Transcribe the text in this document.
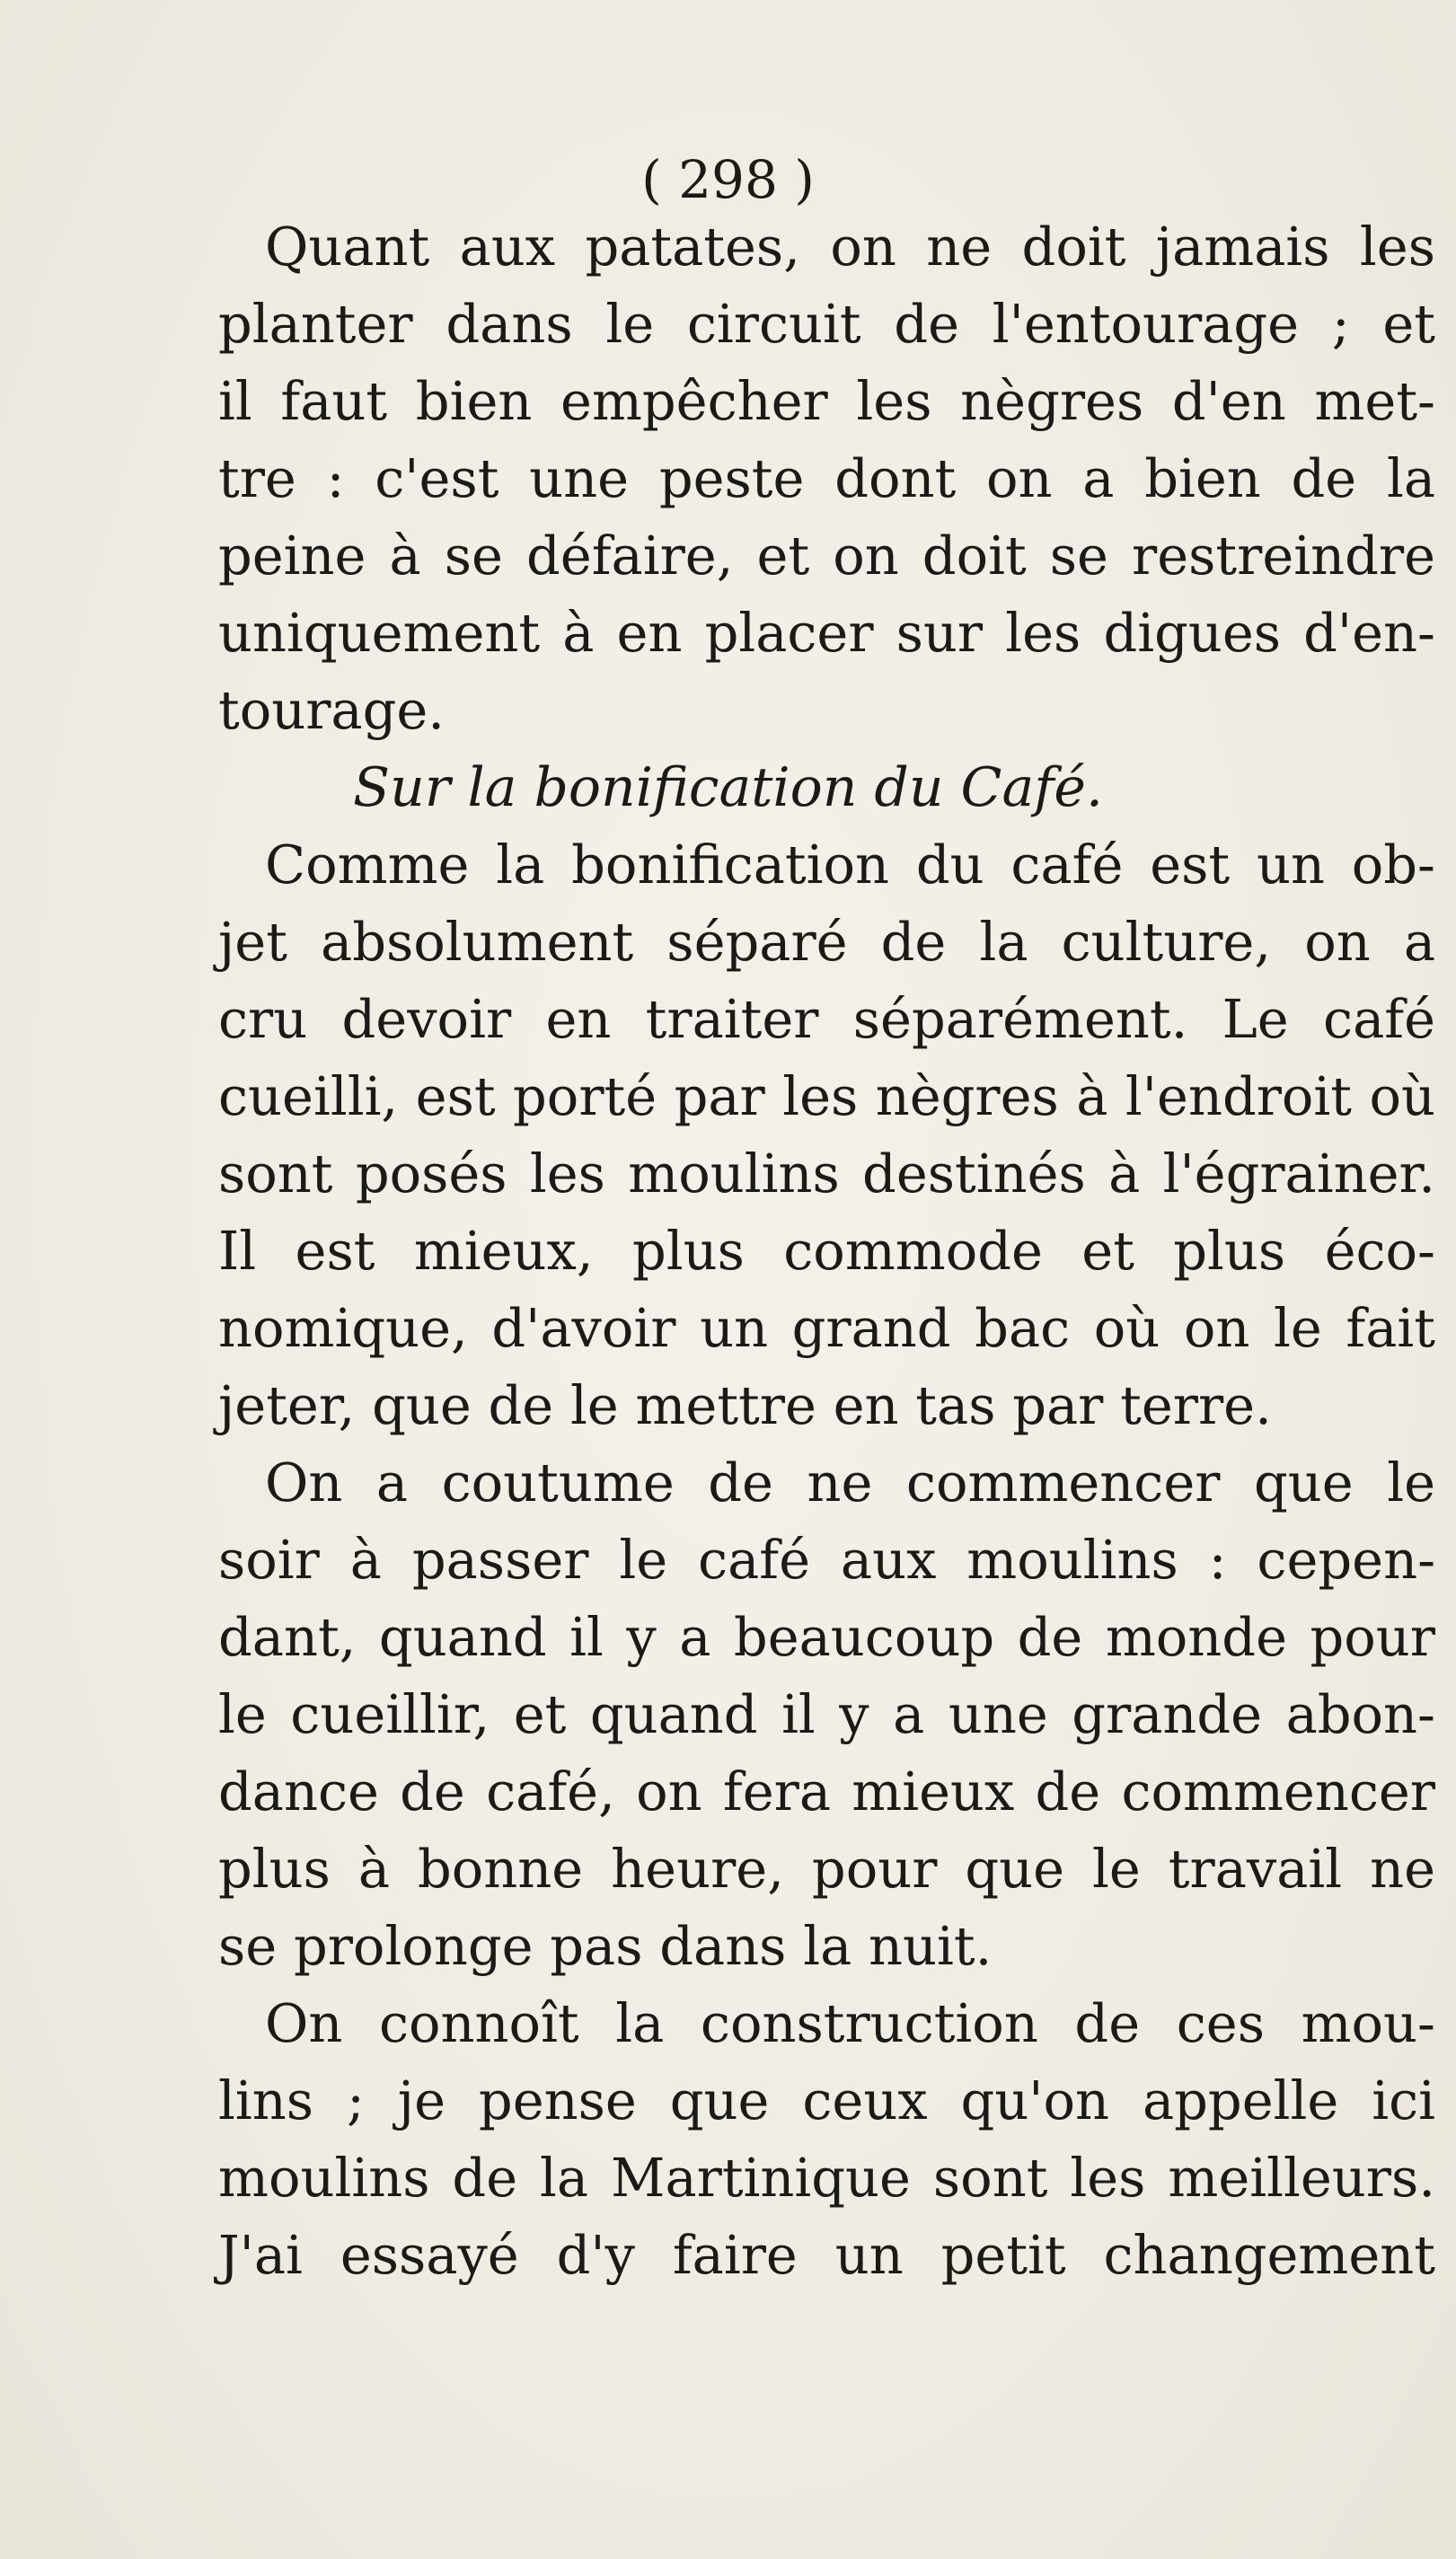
( 298 )
Quant aux patates, on ne doit jamais les
planter dans le circuit de l'entourage ; et
il faut bien empêcher les nègres d'en met-
tre : c'est une peste dont on a bien de la
peine à se défaire, et on doit se restreindre
uniquement à en placer sur les digues d'en-
tourage.
Sur la bonification du Café.
Comme la bonification du café est un ob-
jet absolument séparé de la culture, on a
cru devoir en traiter séparément. Le café
cueilli, est porté par les nègres à l'endroit où
sont posés les moulins destinés à l'égrainer.
Il est mieux, plus commode et plus éco-
nomique, d'avoir un grand bac où on le fait
jeter, que de le mettre en tas par terre.
On a coutume de ne commencer que le
soir à passer le café aux moulins : cepen-
dant, quand il y a beaucoup de monde pour
le cueillir, et quand il y a une grande abon-
dance de café, on fera mieux de commencer
plus à bonne heure, pour que le travail ne
se prolonge pas dans la nuit.
On connoît la construction de ces mou-
lins ; je pense que ceux qu'on appelle ici
moulins de la Martinique sont les meilleurs.
J'ai essayé d'y faire un petit changement
